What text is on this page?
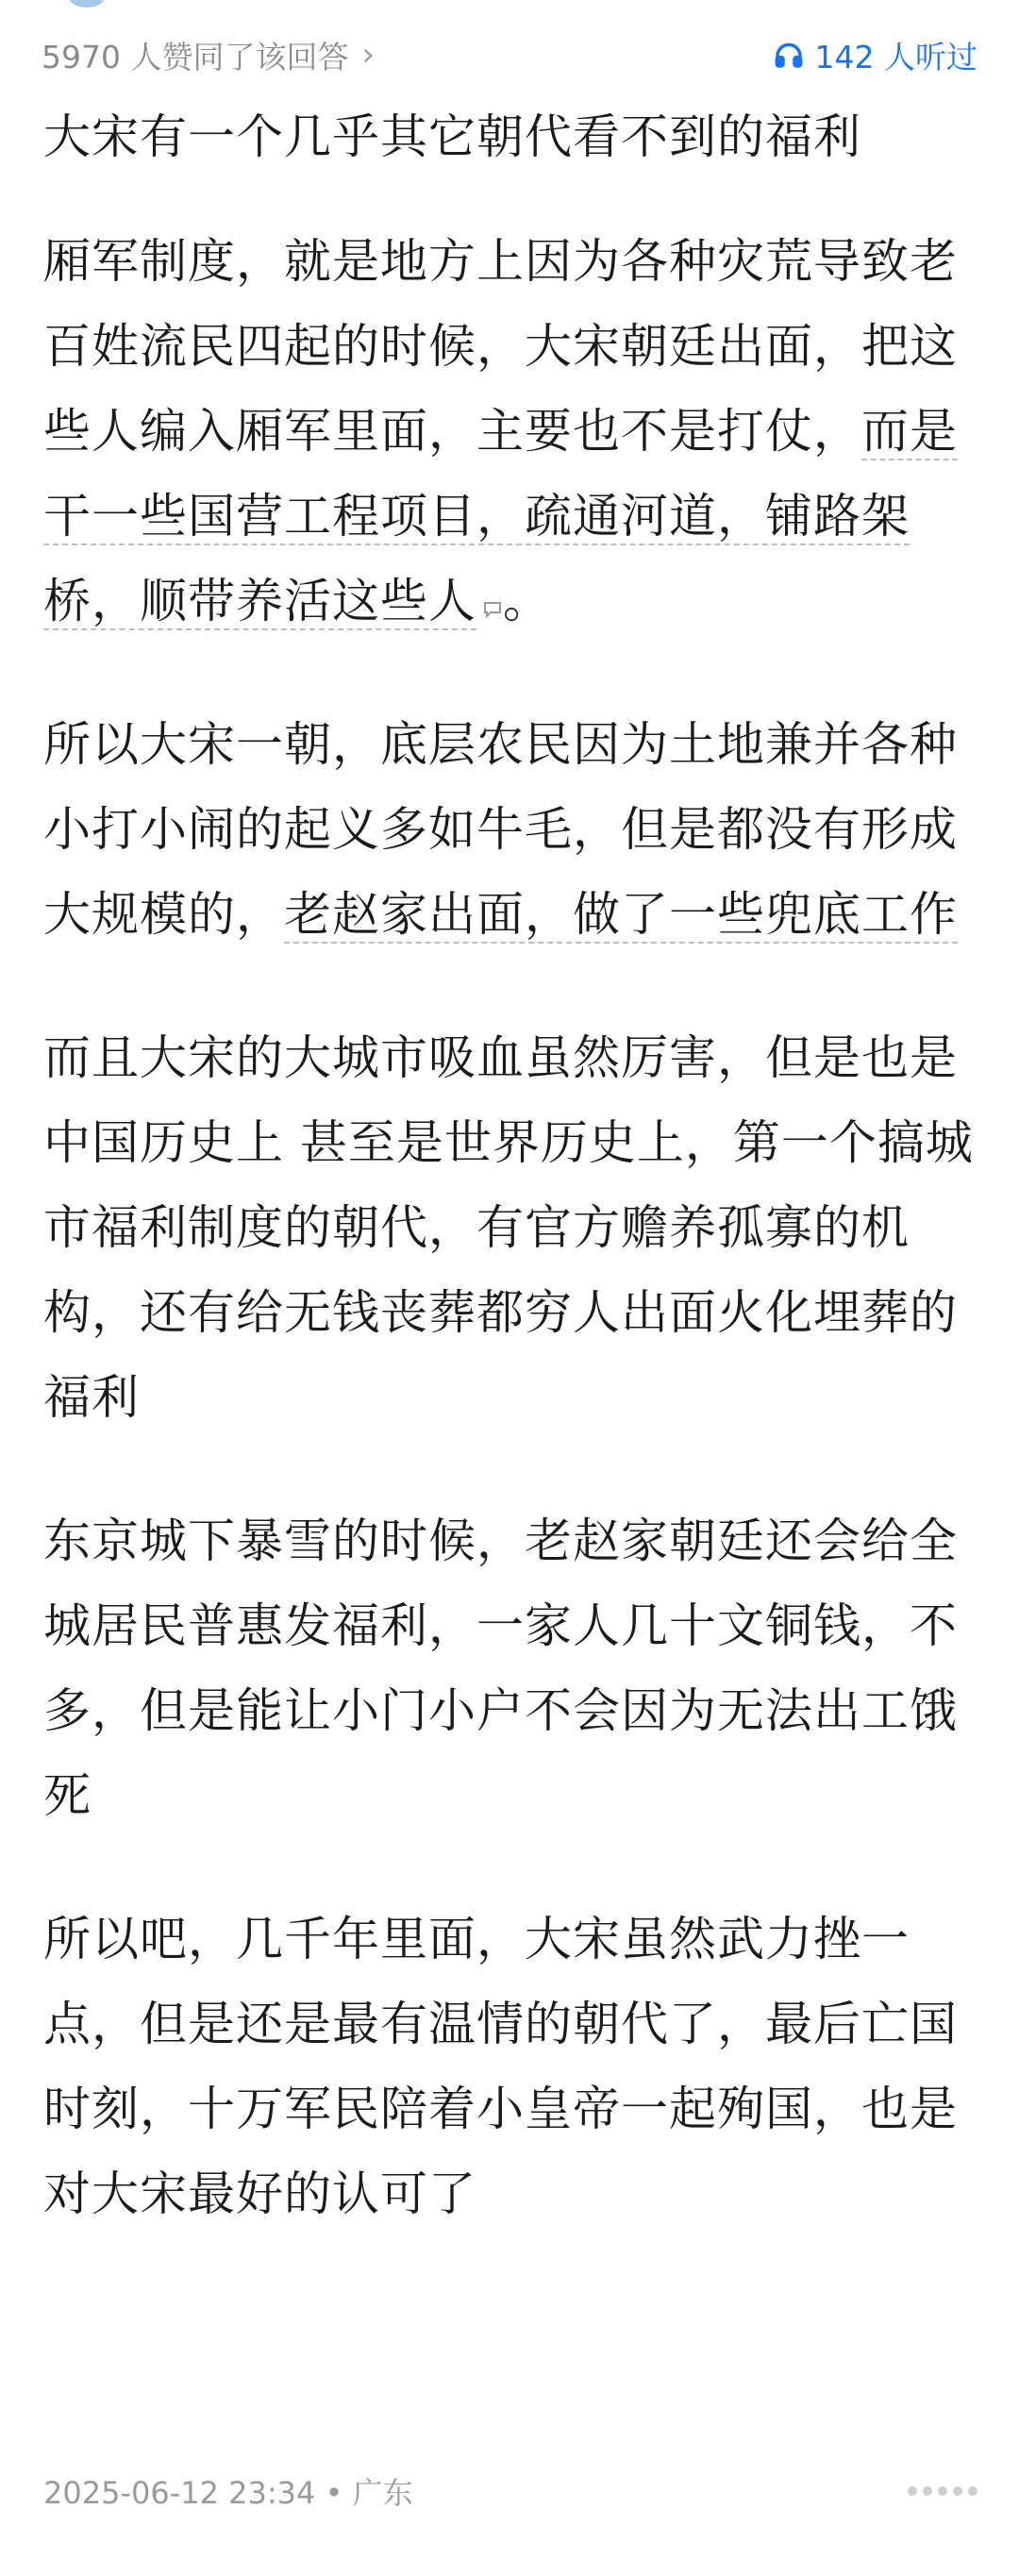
5970 人赞同了该回答 ›	142 人听过

大宋有一个几乎其它朝代看不到的福利

厢军制度，就是地方上因为各种灾荒导致老百姓流民四起的时候，大宋朝廷出面，把这些人编入厢军里面，主要也不是打仗，而是干一些国营工程项目，疏通河道，铺路架桥，顺带养活这些人 。

所以大宋一朝，底层农民因为土地兼并各种小打小闹的起义多如牛毛，但是都没有形成大规模的，老赵家出面，做了一些兜底工作

而且大宋的大城市吸血虽然厉害，但是也是中国历史上 甚至是世界历史上，第一个搞城市福利制度的朝代，有官方赡养孤寡的机构，还有给无钱丧葬都穷人出面火化埋葬的福利

东京城下暴雪的时候，老赵家朝廷还会给全城居民普惠发福利，一家人几十文铜钱，不多，但是能让小门小户不会因为无法出工饿死

所以吧，几千年里面，大宋虽然武力挫一点，但是还是最有温情的朝代了，最后亡国时刻，十万军民陪着小皇帝一起殉国，也是对大宋最好的认可了

2025-06-12 23:34 • 广东
